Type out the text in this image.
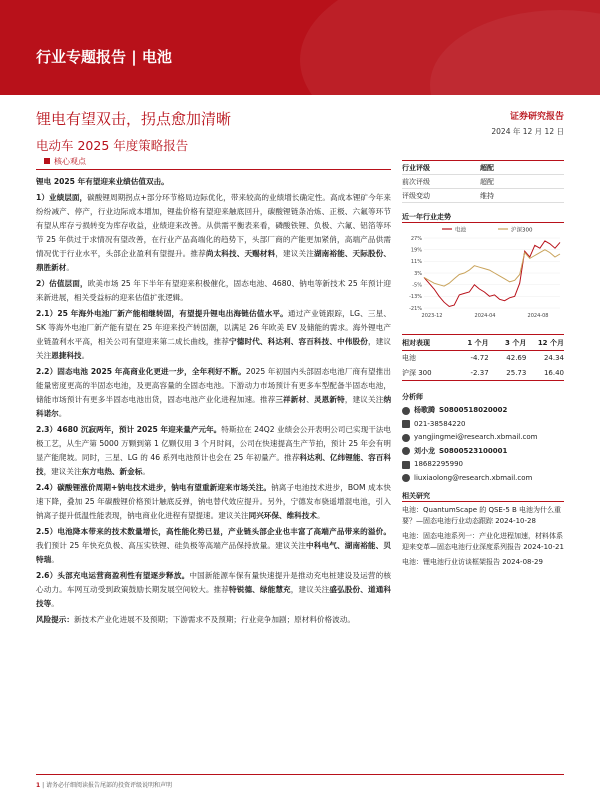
行业专题报告 | 电池
锂电有望双击，拐点愈加清晰
电动车 2025 年度策略报告
证券研究报告
2024 年 12 月 12 日
核心观点

锂电 2025 年有望迎来业绩估值双击。

1）业绩层面，碳酸锂周期拐点+部分环节格局边际优化，带来较高的业绩增长确定性。高成本锂矿今年来纷纷减产、停产，行业边际成本增加，锂盐价格有望迎来触底回升，碳酸锂链条冶炼、正极、六氟等环节有望从库存亏损转变为库存收益，业绩迎来改善。从供需平衡表来看，磷酸铁锂、负极、六氟、铝箔等环节 25 年供过于求情况有望改善，在行业产品高端化的趋势下，头部厂商的产能更加紧俏，高端产品供需情况优于行业水平，头部企业盈利有望提升。推荐尚太科技、天赐材料，建议关注湖南裕能、天际股份、鼎胜新材。

2）估值层面，欧美市场 25 年下半年有望迎来积极催化，固态电池、4680、钠电等新技术 25 年预计迎来新进展，相关受益标的迎来估值扩张逻辑。

2.1）25 年海外电池厂新产能相继转固，有望提升锂电出海链估值水平。通过产业链跟踪，LG、三星、SK 等海外电池厂新产能有望在 25 年迎来投产转固潮，以满足 26 年欧美 EV 及储能的需求。海外锂电产业链盈利水平高，相关公司有望迎来第二成长曲线，推荐宁德时代、科达利、容百科技、中伟股份，建议关注恩捷科技。

2.2）固态电池 2025 年高商业化更进一步，全年利好不断。2025 年初国内头部固态电池厂商有望推出能量密度更高的半固态电池，及更高容量的全固态电池。下游动力市场预计有更多车型配备半固态电池，储能市场预计有更多半固态电池出货，固态电池产业化进程加速。推荐三祥新材、灵恩新特，建议关注纳科诺尔。

2.3）4680 沉寂两年，预计 2025 年迎来量产元年。特斯拉在 24Q2 业绩会公开表明公司已实现干法电极工艺，从生产第 5000 万颗到第 1 亿颗仅用 3 个月时间，公司在快速提高生产节拍，预计 25 年会有明显产能爬坡。同时，三星、LG 的 46 系列电池预计也会在 25 年初量产。推荐科达利、亿纬锂能、容百科技，建议关注东方电热、新金标。

2.4）碳酸锂涨价周期+钠电技术进步，钠电有望重新迎来市场关注。钠离子电池技术进步，BOM 成本快速下降，叠加 25 年碳酸锂价格预计触底反弹，钠电替代效应提升。另外，宁德发布骁遥增混电池，引入钠离子提升低温性能表现，钠电商业化进程有望提速。建议关注同兴环保、维科技术。

2.5）电池降本带来的技术数量增长，高性能化势已显，产业链头部企业也丰富了高端产品带来的溢价。我们预计 25 年快充负极、高压实铁锂、硅负极等高端产品保持放量。建议关注中科电气、湖南裕能、贝特瑞。

2.6）头部充电运营商盈利性有望逐步释放。中国新能源车保有量快速提升是推动充电桩建设及运营的核心动力。车网互动受到政策鼓励长期发展空间较大。推荐特锐德、绿能慧充，建议关注盛弘股份、道通科技等。

风险提示：新技术产业化进展不及预期；下游需求不及预期；行业竞争加剧；原材料价格波动。

行业评级	超配
前次评级	超配
评级变动	维持
近一年行业走势
电池	沪深300
27%
19%
11%
3%
-5%
-13%
-21%
2023-12	2024-04	2024-08
相对表现	1 个月	3 个月	12 个月
电池	-4.72	42.69	24.34
沪深 300	-2.37	25.73	16.40
分析师
杨歌腾 S0800518020002
021-38584220
yangjingmei@research.xbmail.com
刘小龙 S0800523100001
18682295990
liuxiaolong@research.xbmail.com
相关研究
电池：QuantumScape 的 QSE-5 B 电池为什么重要？—固态电池行业动态跟踪 2024-10-28
电池：固态电池系列一：产业化进程加速，材料体系迎来变革—固态电池行业深度系列报告 2024-10-21
电池：锂电池行业访谈框架报告 2024-08-29
1 | 请务必仔细阅读报告尾部的投资评级说明和声明
